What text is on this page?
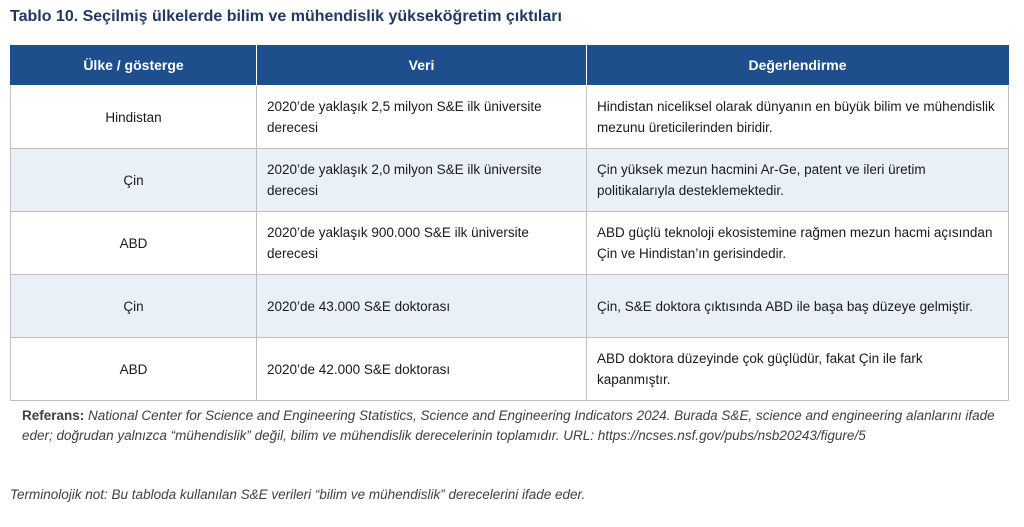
Tablo 10. Seçilmiş ülkelerde bilim ve mühendislik yükseköğretim çıktıları
Ülke / gösterge	Veri	Değerlendirme
Hindistan	2020’de yaklaşık 2,5 milyon S&E ilk üniversite derecesi	Hindistan niceliksel olarak dünyanın en büyük bilim ve mühendislik mezunu üreticilerinden biridir.
Çin	2020’de yaklaşık 2,0 milyon S&E ilk üniversite derecesi	Çin yüksek mezun hacmini Ar-Ge, patent ve ileri üretim politikalarıyla desteklemektedir.
ABD	2020’de yaklaşık 900.000 S&E ilk üniversite derecesi	ABD güçlü teknoloji ekosistemine rağmen mezun hacmi açısından Çin ve Hindistan’ın gerisindedir.
Çin	2020’de 43.000 S&E doktorası	Çin, S&E doktora çıktısında ABD ile başa baş düzeye gelmiştir.
ABD	2020’de 42.000 S&E doktorası	ABD doktora düzeyinde çok güçlüdür, fakat Çin ile fark kapanmıştır.
Referans: National Center for Science and Engineering Statistics, Science and Engineering Indicators 2024. Burada S&E, science and engineering alanlarını ifade eder; doğrudan yalnızca “mühendislik” değil, bilim ve mühendislik derecelerinin toplamıdır. URL: https://ncses.nsf.gov/pubs/nsb20243/figure/5
Terminolojik not: Bu tabloda kullanılan S&E verileri “bilim ve mühendislik” derecelerini ifade eder.
